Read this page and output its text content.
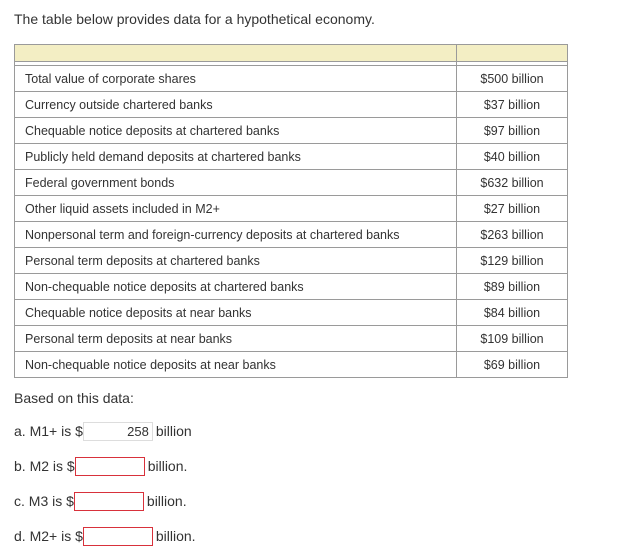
The table below provides data for a hypothetical economy.

Total value of corporate shares	$500 billion
Currency outside chartered banks	$37 billion
Chequable notice deposits at chartered banks	$97 billion
Publicly held demand deposits at chartered banks	$40 billion
Federal government bonds	$632 billion
Other liquid assets included in M2+	$27 billion
Nonpersonal term and foreign-currency deposits at chartered banks	$263 billion
Personal term deposits at chartered banks	$129 billion
Non-chequable notice deposits at chartered banks	$89 billion
Chequable notice deposits at near banks	$84 billion
Personal term deposits at near banks	$109 billion
Non-chequable notice deposits at near banks	$69 billion
Based on this data:
a. M1+ is $
258	billion
b. M2 is $	billion.
c. M3 is $	billion.
d. M2+ is $	billion.
